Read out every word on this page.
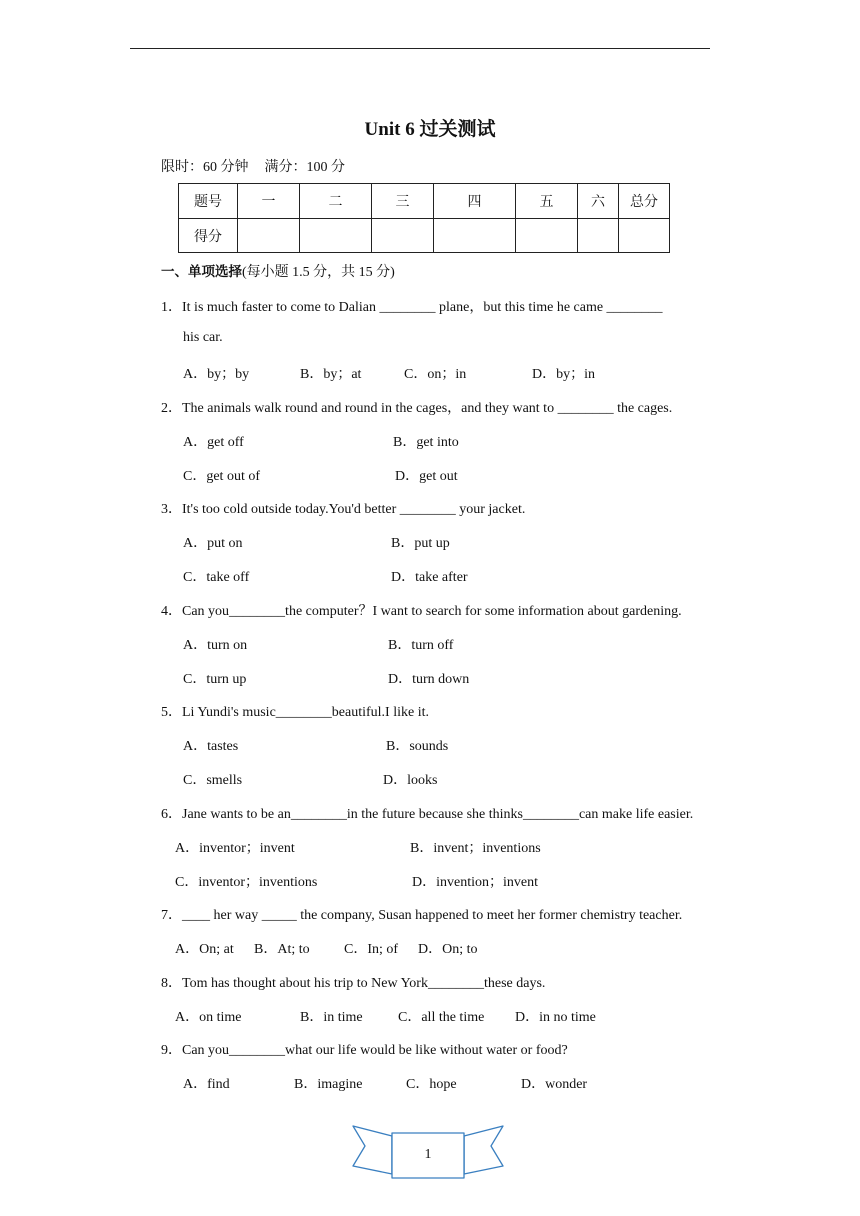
Unit 6 过关测试
限时：60 分钟 满分：100 分
题号	一	二	三	四	五	六	总分
得分							
一、单项选择(每小题 1.5 分，共 15 分)
1．It is much faster to come to Dalian ________ plane，but this time he came ________
his car.
A．by；by	B．by；at	C．on；in	D．by；in
2．The animals walk round and round in the cages，and they want to ________ the cages.
A．get off	B．get into
C．get out of	D．get out
3．It's too cold outside today.You'd better ________ your jacket.
A．put on	B．put up
C．take off	D．take after
4．Can you________the computer？I want to search for some information about gardening.
A．turn on	B．turn off
C．turn up	D．turn down
5．Li Yundi's music________beautiful.I like it.
A．tastes	B．sounds
C．smells	D．looks
6．Jane wants to be an________in the future because she thinks________can make life easier.
A．inventor；invent	B．invent；inventions
C．inventor；inventions	D．invention；invent
7．____ her way _____ the company, Susan happened to meet her former chemistry teacher.
A．On; at B．At; to C．In; of D．On; to
8．Tom has thought about his trip to New York________these days.
A．on time	B．in time	C．all the time D．in no time
9．Can you________what our life would be like without water or food?
A．find	B．imagine	C．hope	D．wonder
1
